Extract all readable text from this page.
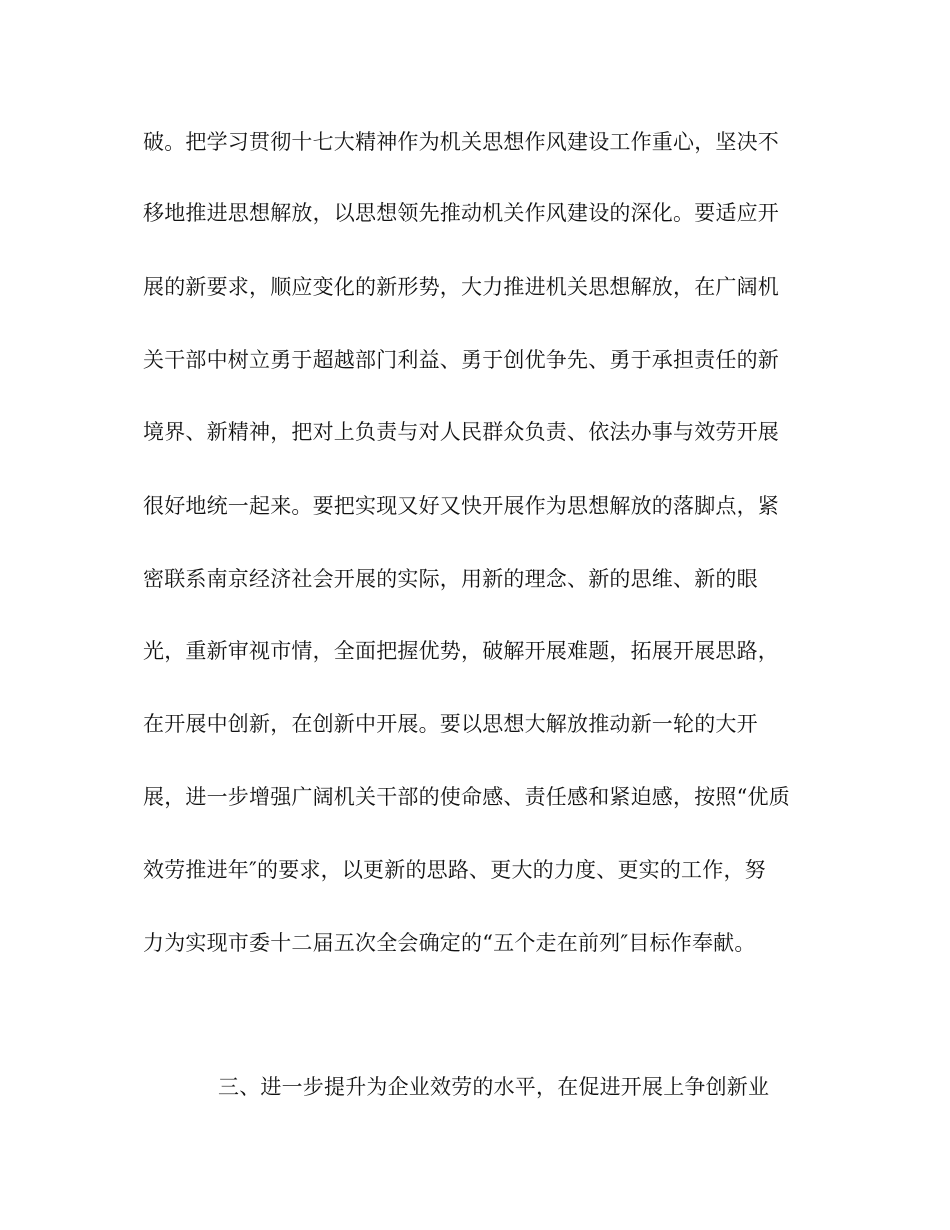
破。把学习贯彻十七大精神作为机关思想作风建设工作重心，坚决不
移地推进思想解放，以思想领先推动机关作风建设的深化。要适应开
展的新要求，顺应变化的新形势，大力推进机关思想解放，在广阔机
关干部中树立勇于超越部门利益、勇于创优争先、勇于承担责任的新
境界、新精神，把对上负责与对人民群众负责、依法办事与效劳开展
很好地统一起来。要把实现又好又快开展作为思想解放的落脚点，紧
密联系南京经济社会开展的实际，用新的理念、新的思维、新的眼
光，重新审视市情，全面把握优势，破解开展难题，拓展开展思路，
在开展中创新，在创新中开展。要以思想大解放推动新一轮的大开
展，进一步增强广阔机关干部的使命感、责任感和紧迫感，按照“优质
效劳推进年″的要求，以更新的思路、更大的力度、更实的工作，努
力为实现市委十二届五次全会确定的“五个走在前列″目标作奉献。
三、进一步提升为企业效劳的水平，在促进开展上争创新业
